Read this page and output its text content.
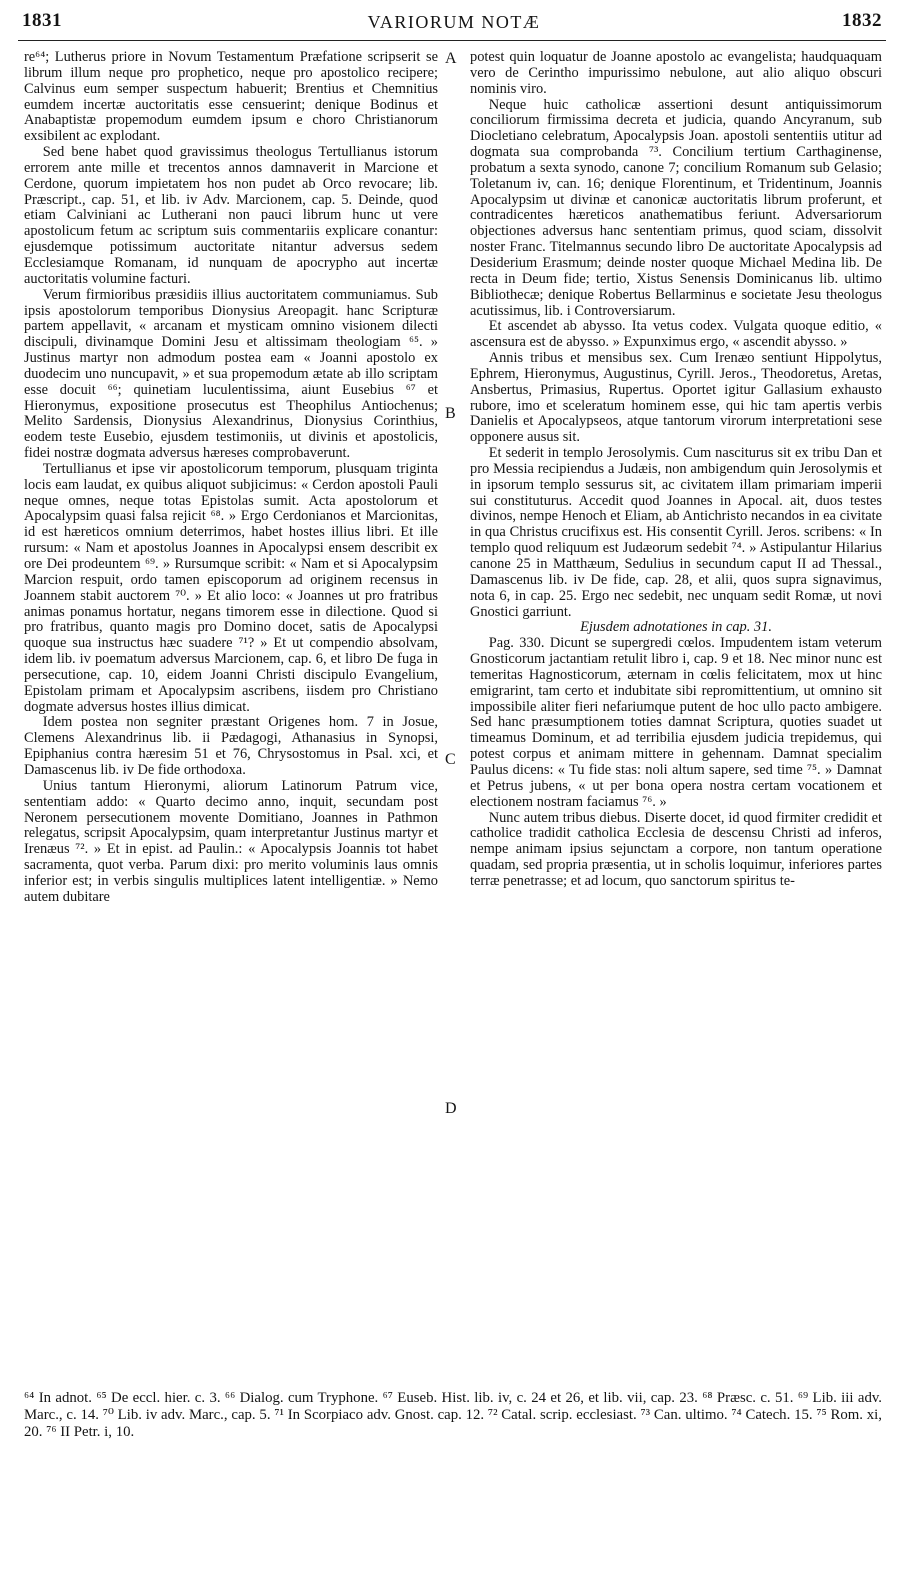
1831	VARIORUM NOTÆ	1832
A
B
C
D

re⁶⁴; Lutherus priore in Novum Testamentum Præfatione scripserit se librum illum neque pro prophetico, neque pro apostolico recipere; Calvinus eum semper suspectum habuerit; Brentius et Chemnitius eumdem incertæ auctoritatis esse censuerint; denique Bodinus et Anabaptistæ propemodum eumdem ipsum e choro Christianorum exsibilent ac explodant.

Sed bene habet quod gravissimus theologus Tertullianus istorum errorem ante mille et trecentos annos damnaverit in Marcione et Cerdone, quorum impietatem hos non pudet ab Orco revocare; lib. Præscript., cap. 51, et lib. iv Adv. Marcionem, cap. 5. Deinde, quod etiam Calviniani ac Lutherani non pauci librum hunc ut vere apostolicum fetum ac scriptum suis commentariis explicare conantur: ejusdemque potissimum auctoritate nitantur adversus sedem Ecclesiamque Romanam, id nunquam de apocrypho aut incertæ auctoritatis volumine facturi.

Verum firmioribus præsidiis illius auctoritatem communiamus. Sub ipsis apostolorum temporibus Dionysius Areopagit. hanc Scripturæ partem appellavit, « arcanam et mysticam omnino visionem dilecti discipuli, divinamque Domini Jesu et altissimam theologiam ⁶⁵. » Justinus martyr non admodum postea eam « Joanni apostolo ex duodecim uno nuncupavit, » et sua propemodum ætate ab illo scriptam esse docuit ⁶⁶; quinetiam luculentissima, aiunt Eusebius ⁶⁷ et Hieronymus, expositione prosecutus est Theophilus Antiochenus; Melito Sardensis, Dionysius Alexandrinus, Dionysius Corinthius, eodem teste Eusebio, ejusdem testimoniis, ut divinis et apostolicis, fidei nostræ dogmata adversus hæreses comprobaverunt.

Tertullianus et ipse vir apostolicorum temporum, plusquam triginta locis eam laudat, ex quibus aliquot subjicimus: « Cerdon apostoli Pauli neque omnes, neque totas Epistolas sumit. Acta apostolorum et Apocalypsim quasi falsa rejicit ⁶⁸. » Ergo Cerdonianos et Marcionitas, id est hæreticos omnium deterrimos, habet hostes illius libri. Et ille rursum: « Nam et apostolus Joannes in Apocalypsi ensem describit ex ore Dei prodeuntem ⁶⁹. » Rursumque scribit: « Nam et si Apocalypsim Marcion respuit, ordo tamen episcoporum ad originem recensus in Joannem stabit auctorem ⁷⁰. » Et alio loco: « Joannes ut pro fratribus animas ponamus hortatur, negans timorem esse in dilectione. Quod si pro fratribus, quanto magis pro Domino docet, satis de Apocalypsi quoque sua instructus hæc suadere ⁷¹? » Et ut compendio absolvam, idem lib. iv poematum adversus Marcionem, cap. 6, et libro De fuga in persecutione, cap. 10, eidem Joanni Christi discipulo Evangelium, Epistolam primam et Apocalypsim ascribens, iisdem pro Christiano dogmate adversus hostes illius dimicat.

Idem postea non segniter præstant Origenes hom. 7 in Josue, Clemens Alexandrinus lib. ii Pædagogi, Athanasius in Synopsi, Epiphanius contra hæresim 51 et 76, Chrysostomus in Psal. xci, et Damascenus lib. iv De fide orthodoxa.

Unius tantum Hieronymi, aliorum Latinorum Patrum vice, sententiam addo: « Quarto decimo anno, inquit, secundam post Neronem persecutionem movente Domitiano, Joannes in Pathmon relegatus, scripsit Apocalypsim, quam interpretantur Justinus martyr et Irenæus ⁷². » Et in epist. ad Paulin.: « Apocalypsis Joannis tot habet sacramenta, quot verba. Parum dixi: pro merito voluminis laus omnis inferior est; in verbis singulis multiplices latent intelligentiæ. » Nemo autem dubitare

potest quin loquatur de Joanne apostolo ac evangelista; haudquaquam vero de Cerintho impurissimo nebulone, aut alio aliquo obscuri nominis viro.

Neque huic catholicæ assertioni desunt antiquissimorum conciliorum firmissima decreta et judicia, quando Ancyranum, sub Diocletiano celebratum, Apocalypsis Joan. apostoli sententiis utitur ad dogmata sua comprobanda ⁷³. Concilium tertium Carthaginense, probatum a sexta synodo, canone 7; concilium Romanum sub Gelasio; Toletanum iv, can. 16; denique Florentinum, et Tridentinum, Joannis Apocalypsim ut divinæ et canonicæ auctoritatis librum proferunt, et contradicentes hæreticos anathematibus feriunt. Adversariorum objectiones adversus hanc sententiam primus, quod sciam, dissolvit noster Franc. Titelmannus secundo libro De auctoritate Apocalypsis ad Desiderium Erasmum; deinde noster quoque Michael Medina lib. De recta in Deum fide; tertio, Xistus Senensis Dominicanus lib. ultimo Bibliothecæ; denique Robertus Bellarminus e societate Jesu theologus acutissimus, lib. i Controversiarum.

Et ascendet ab abysso. Ita vetus codex. Vulgata quoque editio, « ascensura est de abysso. » Expunximus ergo, « ascendit abysso. »

Annis tribus et mensibus sex. Cum Irenæo sentiunt Hippolytus, Ephrem, Hieronymus, Augustinus, Cyrill. Jeros., Theodoretus, Aretas, Ansbertus, Primasius, Rupertus. Oportet igitur Gallasium exhausto rubore, imo et sceleratum hominem esse, qui hic tam apertis verbis Danielis et Apocalypseos, atque tantorum virorum interpretationi sese opponere ausus sit.

Et sederit in templo Jerosolymis. Cum nasciturus sit ex tribu Dan et pro Messia recipiendus a Judæis, non ambigendum quin Jerosolymis et in ipsorum templo sessurus sit, ac civitatem illam primariam imperii sui constituturus. Accedit quod Joannes in Apocal. ait, duos testes divinos, nempe Henoch et Eliam, ab Antichristo necandos in ea civitate in qua Christus crucifixus est. His consentit Cyrill. Jeros. scribens: « In templo quod reliquum est Judæorum sedebit ⁷⁴. » Astipulantur Hilarius canone 25 in Matthæum, Sedulius in secundum caput II ad Thessal., Damascenus lib. iv De fide, cap. 28, et alii, quos supra signavimus, nota 6, in cap. 25. Ergo nec sedebit, nec unquam sedit Romæ, ut novi Gnostici garriunt.

Ejusdem adnotationes in cap. 31.

Pag. 330. Dicunt se supergredi cœlos. Impudentem istam veterum Gnosticorum jactantiam retulit libro i, cap. 9 et 18. Nec minor nunc est temeritas Hagnosticorum, æternam in cœlis felicitatem, mox ut hinc emigrarint, tam certo et indubitate sibi repromittentium, ut omnino sit impossibile aliter fieri nefariumque putent de hoc ullo pacto ambigere. Sed hanc præsumptionem toties damnat Scriptura, quoties suadet ut timeamus Dominum, et ad terribilia ejusdem judicia trepidemus, qui potest corpus et animam mittere in gehennam. Damnat specialim Paulus dicens: « Tu fide stas: noli altum sapere, sed time ⁷⁵. » Damnat et Petrus jubens, « ut per bona opera nostra certam vocationem et electionem nostram faciamus ⁷⁶. »

Nunc autem tribus diebus. Diserte docet, id quod firmiter credidit et catholice tradidit catholica Ecclesia de descensu Christi ad inferos, nempe animam ipsius sejunctam a corpore, non tantum operatione quadam, sed propria præsentia, ut in scholis loquimur, inferiores partes terræ penetrasse; et ad locum, quo sanctorum spiritus te-

⁶⁴ In adnot. ⁶⁵ De eccl. hier. c. 3. ⁶⁶ Dialog. cum Tryphone. ⁶⁷ Euseb. Hist. lib. iv, c. 24 et 26, et lib. vii, cap. 23. ⁶⁸ Præsc. c. 51. ⁶⁹ Lib. iii adv. Marc., c. 14. ⁷⁰ Lib. iv adv. Marc., cap. 5. ⁷¹ In Scorpiaco adv. Gnost. cap. 12. ⁷² Catal. scrip. ecclesiast. ⁷³ Can. ultimo. ⁷⁴ Catech. 15. ⁷⁵ Rom. xi, 20. ⁷⁶ II Petr. i, 10.
